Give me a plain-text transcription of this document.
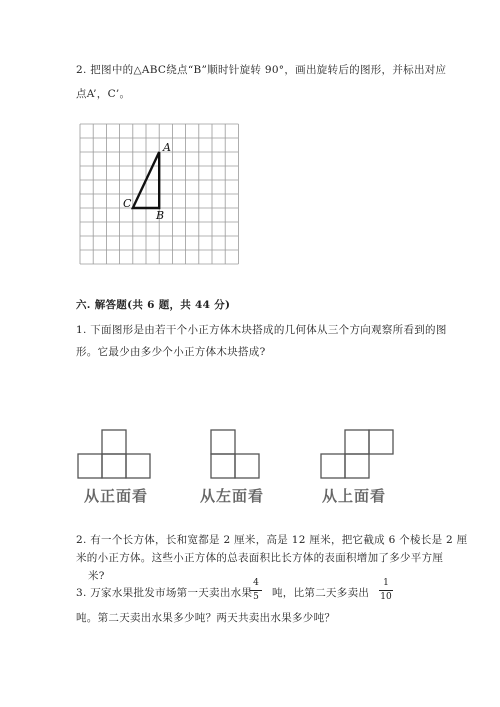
2. 把图中的△ABC绕点“B”顺时针旋转 90°，画出旋转后的图形，并标出对应
点A’，C’。
A
B
C
六. 解答题(共 6 题，共 44 分)
1. 下面图形是由若干个小正方体木块搭成的几何体从三个方向观察所看到的图
形。它最少由多少个小正方体木块搭成?
从正面看	从左面看	从上面看
2. 有一个长方体，长和宽都是 2 厘米，高是 12 厘米，把它截成 6 个棱长是 2 厘
米的小正方体。这些小正方体的总表面积比长方体的表面积增加了多少平方厘
米?
3. 万家水果批发市场第一天卖出水果
4
5	吨，比第二天多卖出
1
10
吨。第二天卖出水果多少吨？两天共卖出水果多少吨？
